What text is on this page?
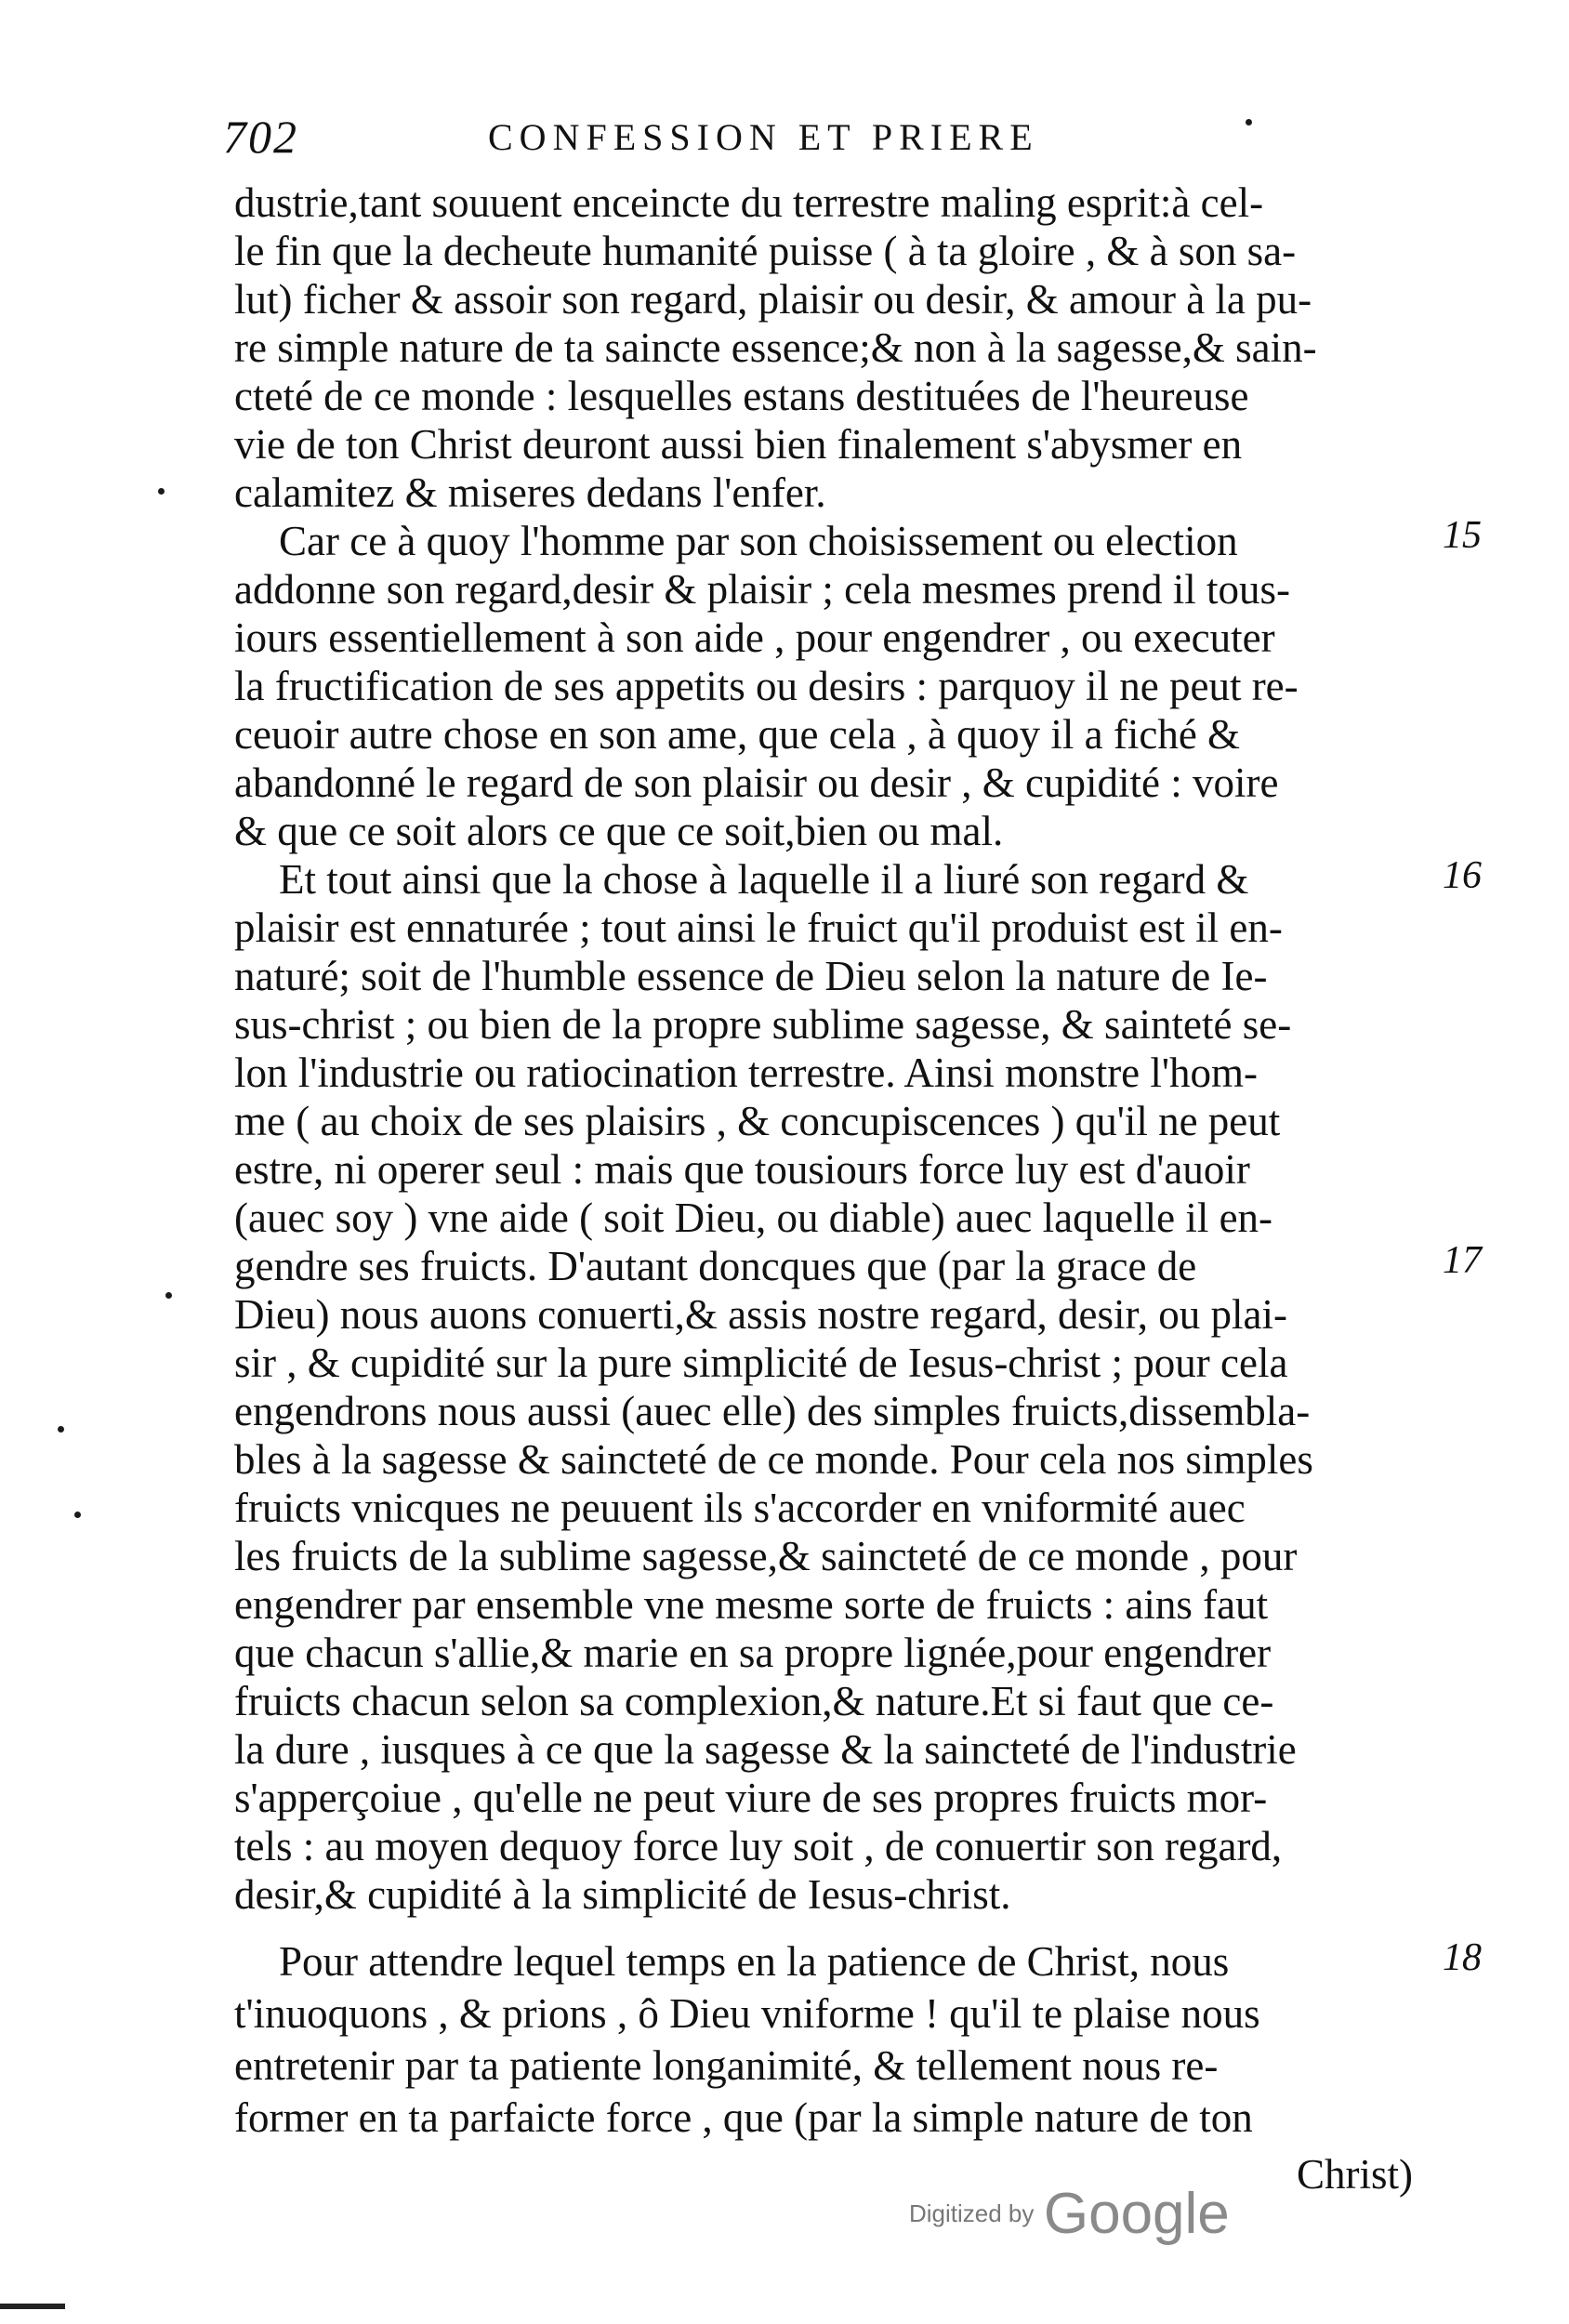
702	CONFESSION ET PRIERE
dustrie,tant souuent enceincte du terrestre maling esprit:à cel-
le fin que la decheute humanité puisse ( à ta gloire , & à son sa-
lut) ficher & assoir son regard, plaisir ou desir, & amour à la pu-
re simple nature de ta saincte essence;& non à la sagesse,& sain-
cteté de ce monde : lesquelles estans destituées de l'heureuse
vie de ton Christ deuront aussi bien finalement s'abysmer en
calamitez & miseres dedans l'enfer.
Car ce à quoy l'homme par son choisissement ou election
addonne son regard,desir & plaisir ; cela mesmes prend il tous-
iours essentiellement à son aide , pour engendrer , ou executer
la fructification de ses appetits ou desirs : parquoy il ne peut re-
ceuoir autre chose en son ame, que cela , à quoy il a fiché &
abandonné le regard de son plaisir ou desir , & cupidité : voire
& que ce soit alors ce que ce soit,bien ou mal.
Et tout ainsi que la chose à laquelle il a liuré son regard &
plaisir est ennaturée ; tout ainsi le fruict qu'il produist est il en-
naturé; soit de l'humble essence de Dieu selon la nature de Ie-
sus-christ ; ou bien de la propre sublime sagesse, & sainteté se-
lon l'industrie ou ratiocination terrestre. Ainsi monstre l'hom-
me ( au choix de ses plaisirs , & concupiscences ) qu'il ne peut
estre, ni operer seul : mais que tousiours force luy est d'auoir
(auec soy ) vne aide ( soit Dieu, ou diable) auec laquelle il en-
gendre ses fruicts. D'autant doncques que (par la grace de
Dieu) nous auons conuerti,& assis nostre regard, desir, ou plai-
sir , & cupidité sur la pure simplicité de Iesus-christ ; pour cela
engendrons nous aussi (auec elle) des simples fruicts,dissembla-
bles à la sagesse & saincteté de ce monde. Pour cela nos simples
fruicts vnicques ne peuuent ils s'accorder en vniformité auec
les fruicts de la sublime sagesse,& saincteté de ce monde , pour
engendrer par ensemble vne mesme sorte de fruicts : ains faut
que chacun s'allie,& marie en sa propre lignée,pour engendrer
fruicts chacun selon sa complexion,& nature.Et si faut que ce-
la dure , iusques à ce que la sagesse & la saincteté de l'industrie
s'apperçoiue , qu'elle ne peut viure de ses propres fruicts mor-
tels : au moyen dequoy force luy soit , de conuertir son regard,
desir,& cupidité à la simplicité de Iesus-christ.
Pour attendre lequel temps en la patience de Christ, nous
t'inuoquons , & prions , ô Dieu vniforme ! qu'il te plaise nous
entretenir par ta patiente longanimité, & tellement nous re-
former en ta parfaicte force , que (par la simple nature de ton
Christ)
15
16
17
18
Digitized by Google
